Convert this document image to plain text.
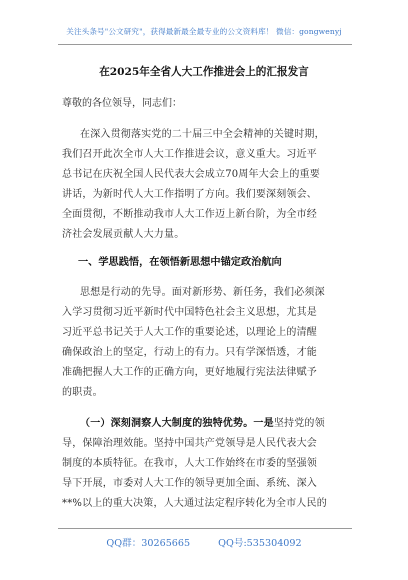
关注头条号"公文研究"，获得最新最全最专业的公文资料库！ 微信：gongwenyj
在2025年全省人大工作推进会上的汇报发言
尊敬的各位领导，同志们：
在深入贯彻落实党的二十届三中全会精神的关键时期，
我们召开此次全市人大工作推进会议，意义重大。习近平
总书记在庆祝全国人民代表大会成立70周年大会上的重要
讲话，为新时代人大工作指明了方向。我们要深刻领会、
全面贯彻，不断推动我市人大工作迈上新台阶，为全市经
济社会发展贡献人大力量。
一、学思践悟，在领悟新思想中锚定政治航向
思想是行动的先导。面对新形势、新任务，我们必须深
入学习贯彻习近平新时代中国特色社会主义思想，尤其是
习近平总书记关于人大工作的重要论述，以理论上的清醒
确保政治上的坚定，行动上的有力。只有学深悟透，才能
准确把握人大工作的正确方向，更好地履行宪法法律赋予
的职责。
（一）深刻洞察人大制度的独特优势。一是坚持党的领
导，保障治理效能。坚持中国共产党领导是人民代表大会
制度的本质特征。在我市，人大工作始终在市委的坚强领
导下开展，市委对人大工作的领导更加全面、系统、深入
**%以上的重大决策，人大通过法定程序转化为全市人民的
QQ群：30265665	QQ号:535304092
